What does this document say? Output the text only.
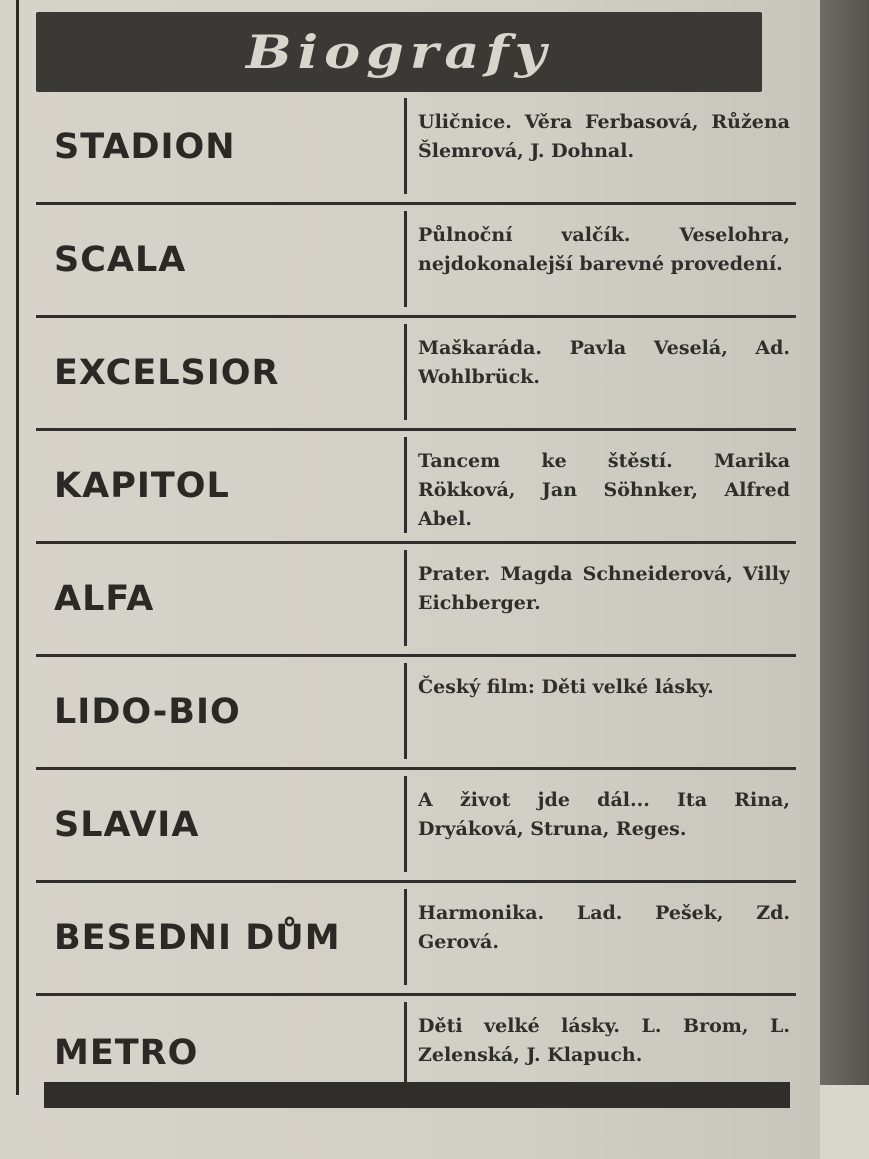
Biografy
STADION
Uličnice. Věra Ferbasová, Růžena Šlemrová, J. Dohnal.
SCALA
Půlnoční valčík. Veselohra, nejdokonalejší barevné provedení.
EXCELSIOR
Maškaráda. Pavla Veselá, Ad. Wohlbrück.
KAPITOL
Tancem ke štěstí. Marika Rökková, Jan Söhnker, Alfred Abel.
ALFA
Prater. Magda Schneiderová, Villy Eichberger.
LIDO-BIO
Český film: Děti velké lásky.
SLAVIA
A život jde dál... Ita Rina, Dryáková, Struna, Reges.
BESEDNI DŮM
Harmonika. Lad. Pešek, Zd. Gerová.
METRO
Děti velké lásky. L. Brom, L. Zelenská, J. Klapuch.
